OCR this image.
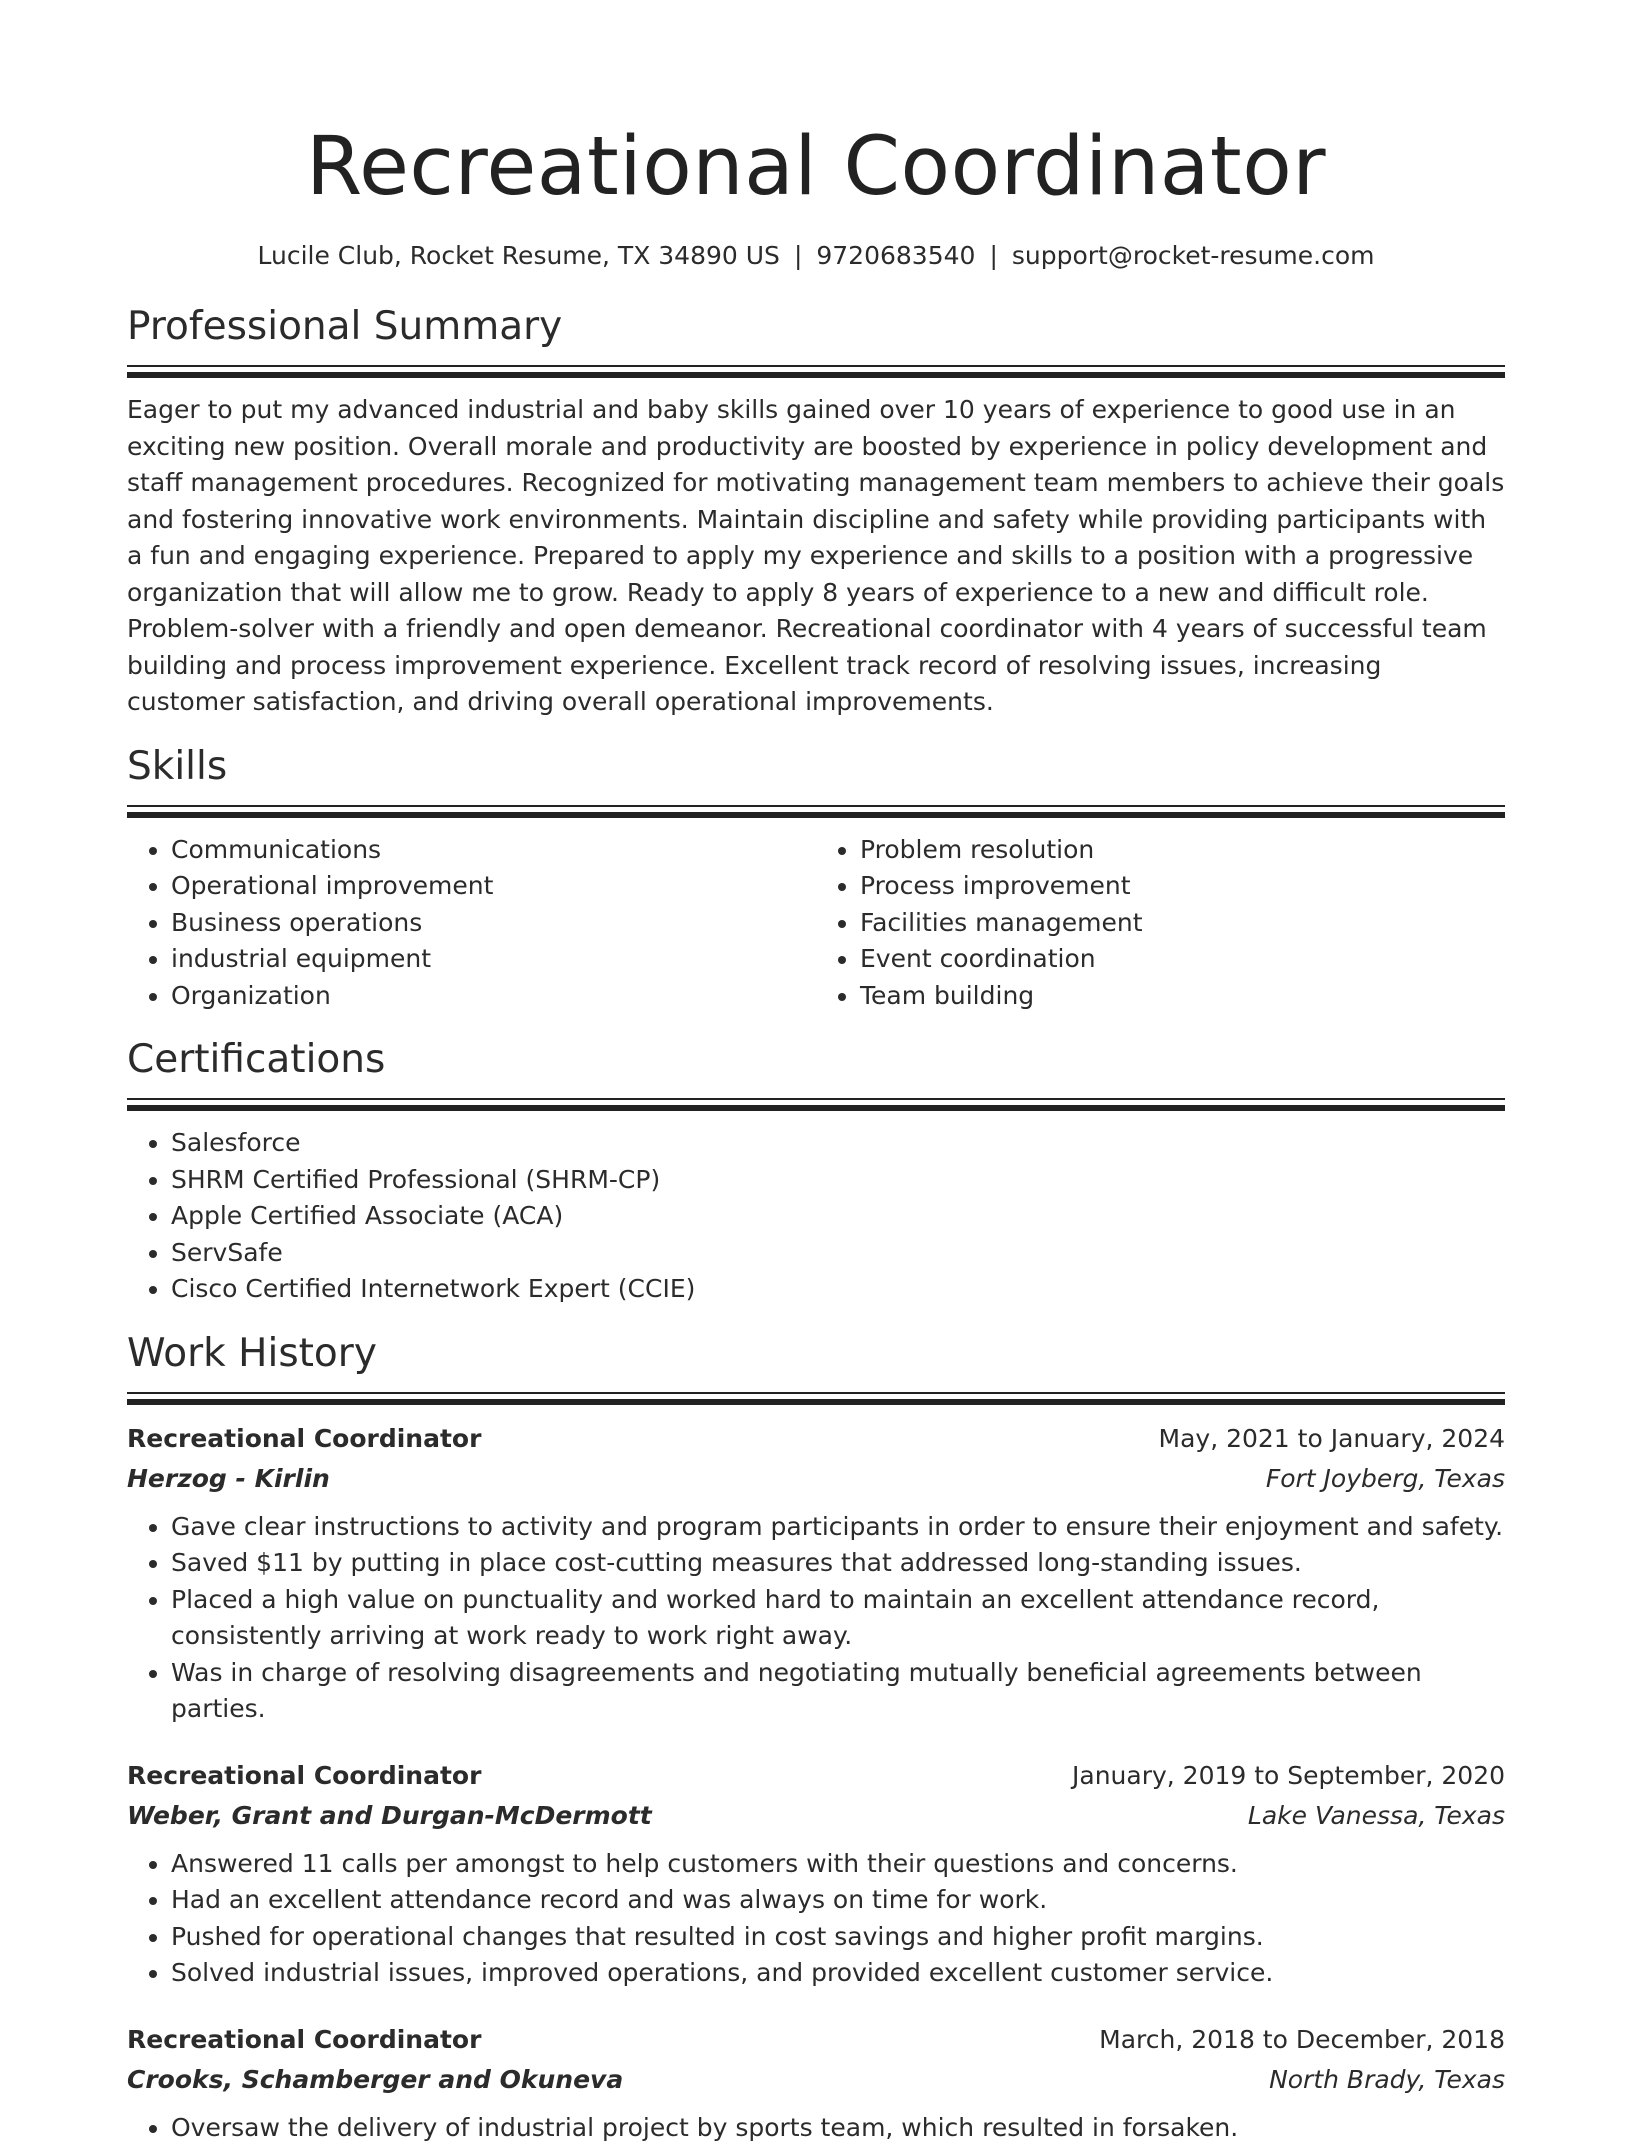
Recreational Coordinator
Lucile Club, Rocket Resume, TX 34890 US | 9720683540 | support@rocket-resume.com
Professional Summary

Eager to put my advanced industrial and baby skills gained over 10 years of experience to good use in an exciting new position. Overall morale and productivity are boosted by experience in policy development and staff management procedures. Recognized for motivating management team members to achieve their goals and fostering innovative work environments. Maintain discipline and safety while providing participants with a fun and engaging experience. Prepared to apply my experience and skills to a position with a progressive organization that will allow me to grow. Ready to apply 8 years of experience to a new and difficult role. Problem-solver with a friendly and open demeanor. Recreational coordinator with 4 years of successful team building and process improvement experience. Excellent track record of resolving issues, increasing customer satisfaction, and driving overall operational improvements.

Skills
• Communications
• Operational improvement
• Business operations
• industrial equipment
• Organization
• Problem resolution
• Process improvement
• Facilities management
• Event coordination
• Team building
Certifications
• Salesforce
• SHRM Certified Professional (SHRM-CP)
• Apple Certified Associate (ACA)
• ServSafe
• Cisco Certified Internetwork Expert (CCIE)
Work History
Recreational Coordinator	May, 2021 to January, 2024
Herzog - Kirlin	Fort Joyberg, Texas
• Gave clear instructions to activity and program participants in order to ensure their enjoyment and safety.
• Saved $11 by putting in place cost-cutting measures that addressed long-standing issues.
• Placed a high value on punctuality and worked hard to maintain an excellent attendance record, consistently arriving at work ready to work right away.
• Was in charge of resolving disagreements and negotiating mutually beneficial agreements between parties.
Recreational Coordinator	January, 2019 to September, 2020
Weber, Grant and Durgan-McDermott	Lake Vanessa, Texas
• Answered 11 calls per amongst to help customers with their questions and concerns.
• Had an excellent attendance record and was always on time for work.
• Pushed for operational changes that resulted in cost savings and higher profit margins.
• Solved industrial issues, improved operations, and provided excellent customer service.
Recreational Coordinator	March, 2018 to December, 2018
Crooks, Schamberger and Okuneva	North Brady, Texas
• Oversaw the delivery of industrial project by sports team, which resulted in forsaken.
